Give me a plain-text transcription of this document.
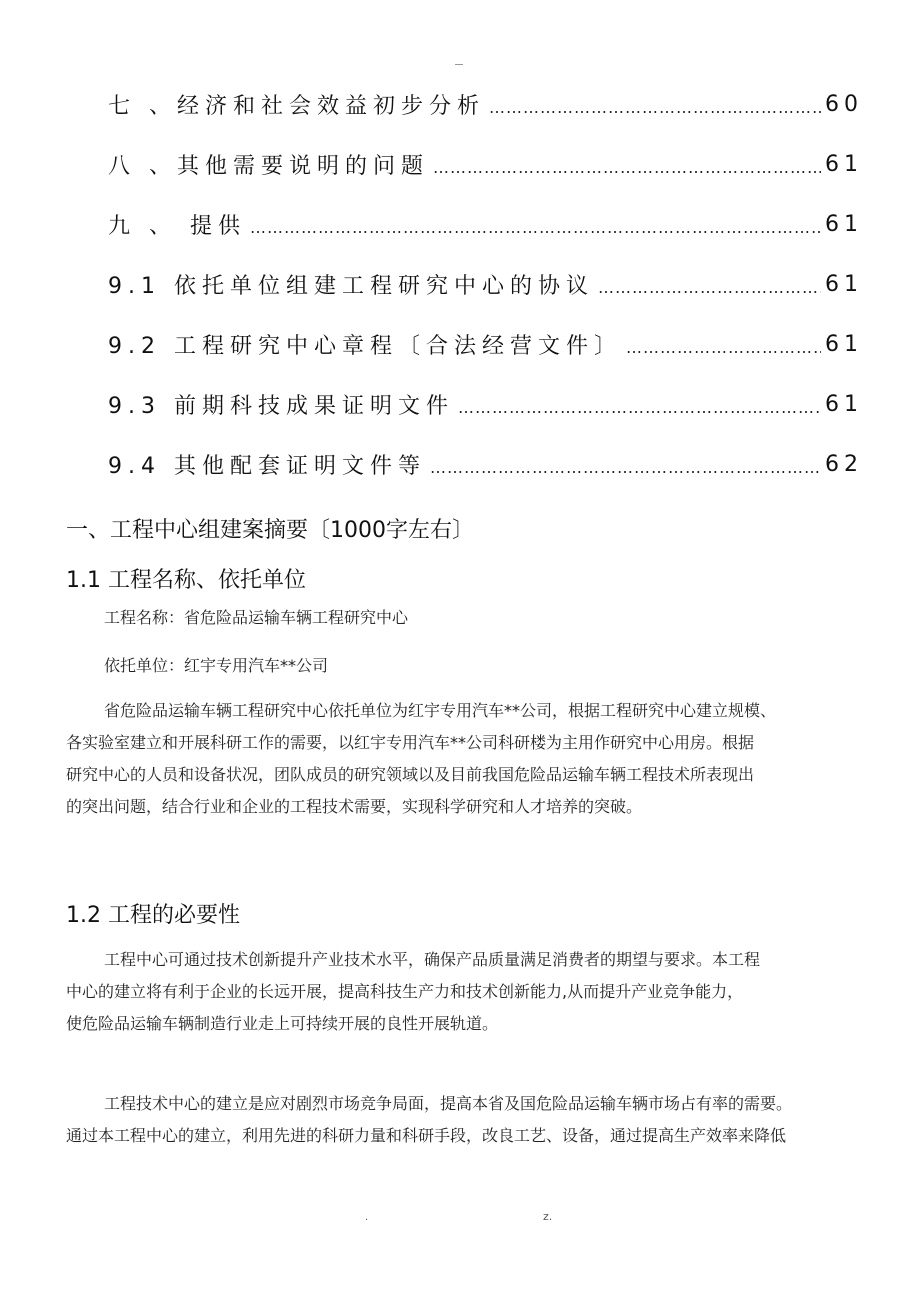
七 、经济和社会效益初步分析 ……………………………………………………………………………………………………………………	60
八 、其他需要说明的问题 ……………………………………………………………………………………………………………………	61
九 、 提供 ……………………………………………………………………………………………………………………	61
9.1 依托单位组建工程研究中心的协议 ……………………………………………………………………………………………………………………	61
9.2 工程研究中心章程〔合法经营文件〕 ……………………………………………………………………………………………………………………	61
9.3 前期科技成果证明文件 ……………………………………………………………………………………………………………………	61
9.4 其他配套证明文件等 ……………………………………………………………………………………………………………………	62
一、工程中心组建案摘要〔1000字左右〕
1.1 工程名称、依托单位
工程名称：省危险品运输车辆工程研究中心
依托单位：红宇专用汽车**公司

省危险品运输车辆工程研究中心依托单位为红宇专用汽车**公司，根据工程研究中心建立规模、
各实验室建立和开展科研工作的需要，以红宇专用汽车**公司科研楼为主用作研究中心用房。根据
研究中心的人员和设备状况，团队成员的研究领域以及目前我国危险品运输车辆工程技术所表现出
的突出问题，结合行业和企业的工程技术需要，实现科学研究和人才培养的突破。

1.2 工程的必要性

工程中心可通过技术创新提升产业技术水平，确保产品质量满足消费者的期望与要求。本工程
中心的建立将有利于企业的长远开展，提高科技生产力和技术创新能力,从而提升产业竞争能力，
使危险品运输车辆制造行业走上可持续开展的良性开展轨道。

工程技术中心的建立是应对剧烈市场竞争局面，提高本省及国危险品运输车辆市场占有率的需要。
通过本工程中心的建立，利用先进的科研力量和科研手段，改良工艺、设备，通过提高生产效率来降低

.	z.
